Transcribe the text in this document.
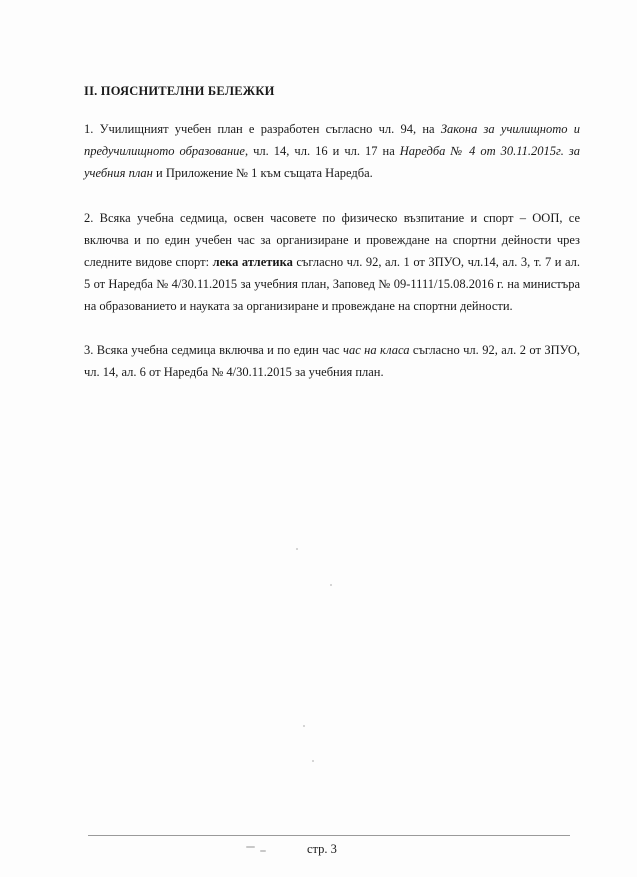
II. ПОЯСНИТЕЛНИ БЕЛЕЖКИ

1. Училищният учебен план е разработен съгласно чл. 94, на Закона за училищното и предучилищното образование, чл. 14, чл. 16 и чл. 17 на Наредба № 4 от 30.11.2015г. за учебния план и Приложение № 1 към същата Наредба.

2. Всяка учебна седмица, освен часовете по физическо възпитание и спорт – ООП, се включва и по един учебен час за организиране и провеждане на спортни дейности чрез следните видове спорт: лека атлетика съгласно чл. 92, ал. 1 от ЗПУО, чл.14, ал. 3, т. 7 и ал. 5 от Наредба № 4/30.11.2015 за учебния план, Заповед № 09-1111/15.08.2016 г. на министъра на образованието и науката за организиране и провеждане на спортни дейности.

3. Всяка учебна седмица включва и по един час час на класа съгласно чл. 92, ал. 2 от ЗПУО, чл. 14, ал. 6 от Наредба № 4/30.11.2015 за учебния план.

стр. 3
